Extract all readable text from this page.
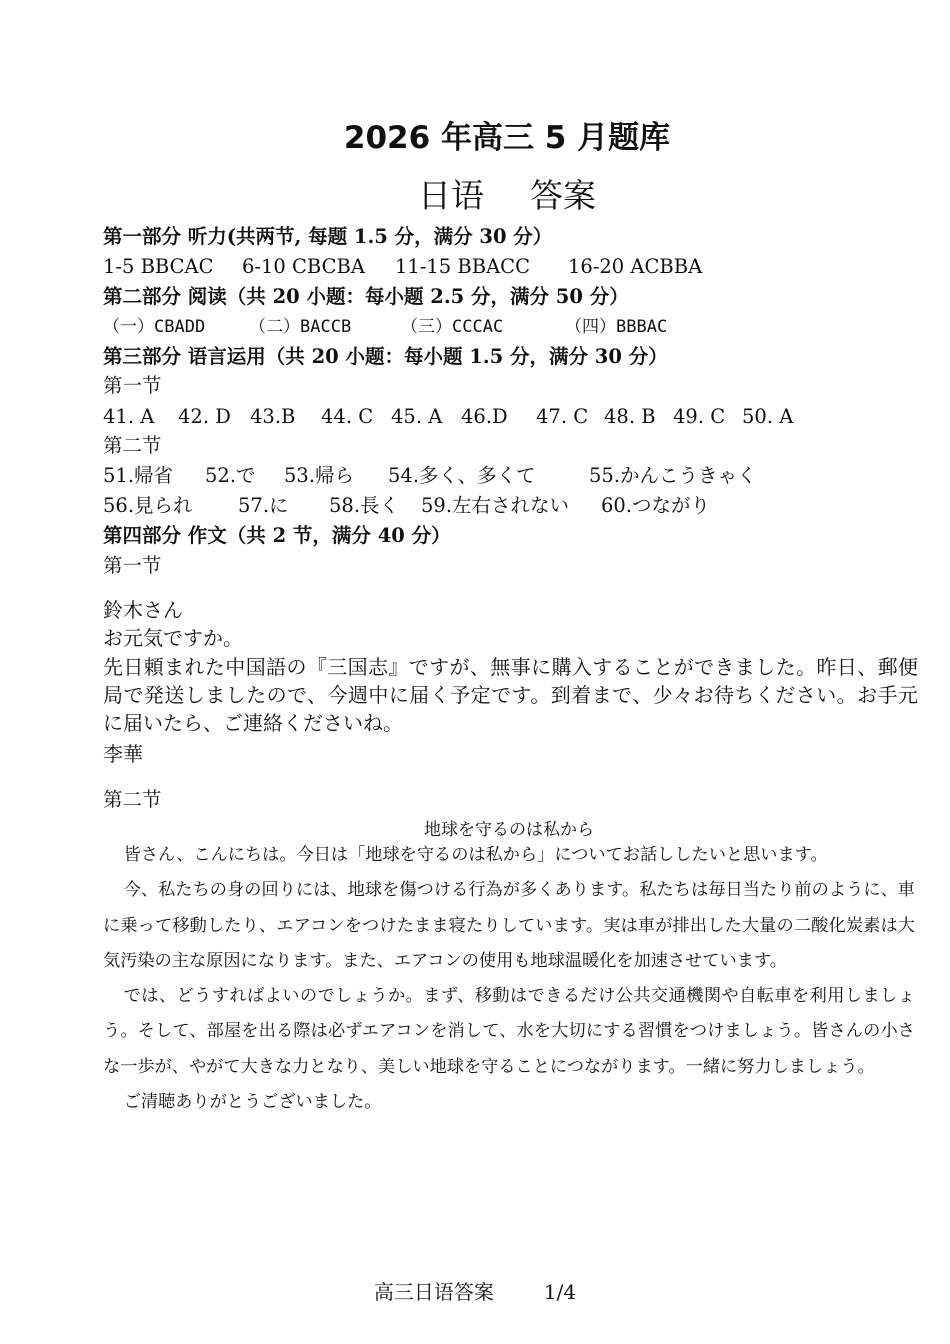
2026 年高三 5 月题库
日语 答案
第一部分 听力(共两节, 每题 1.5 分，满分 30 分）
1-5 BBCAC 6-10 CBCBA 11-15 BBACC 16-20 ACBBA
第二部分 阅读（共 20 小题：每小题 2.5 分，满分 50 分）
（一）CBADD	（二）BACCB	（三）CCCAC	（四）BBBAC
第三部分 语言运用（共 20 小题：每小题 1.5 分，满分 30 分）
第一节
41. A 42. D 43.B 44. C 45. A 46.D 47. C 48. B 49. C 50. A
第二节
51.帰省 52.で 53.帰ら 54.多く、多くて	55.かんこうきゃく
56.見られ 57.に 58.長く 59.左右されない 60.つながり
第四部分 作文（共 2 节，满分 40 分）
第一节
鈴木さん
お元気ですか。
先日頼まれた中国語の『三国志』ですが、無事に購入することができました。昨日、郵便局で発送しましたので、今週中に届く予定です。到着まで、少々お待ちください。お手元に届いたら、ご連絡くださいね。
李華
第二节
地球を守るのは私から

皆さん、こんにちは。今日は「地球を守るのは私から」についてお話ししたいと思います。

今、私たちの身の回りには、地球を傷つける行為が多くあります。私たちは毎日当たり前のように、車に乗って移動したり、エアコンをつけたまま寝たりしています。実は車が排出した大量の二酸化炭素は大気汚染の主な原因になります。また、エアコンの使用も地球温暖化を加速させています。

では、どうすればよいのでしょうか。まず、移動はできるだけ公共交通機関や自転車を利用しましょう。そして、部屋を出る際は必ずエアコンを消して、水を大切にする習慣をつけましょう。皆さんの小さな一歩が、やがて大きな力となり、美しい地球を守ることにつながります。一緒に努力しましょう。

ご清聴ありがとうございました。

高三日语答案	1/4
